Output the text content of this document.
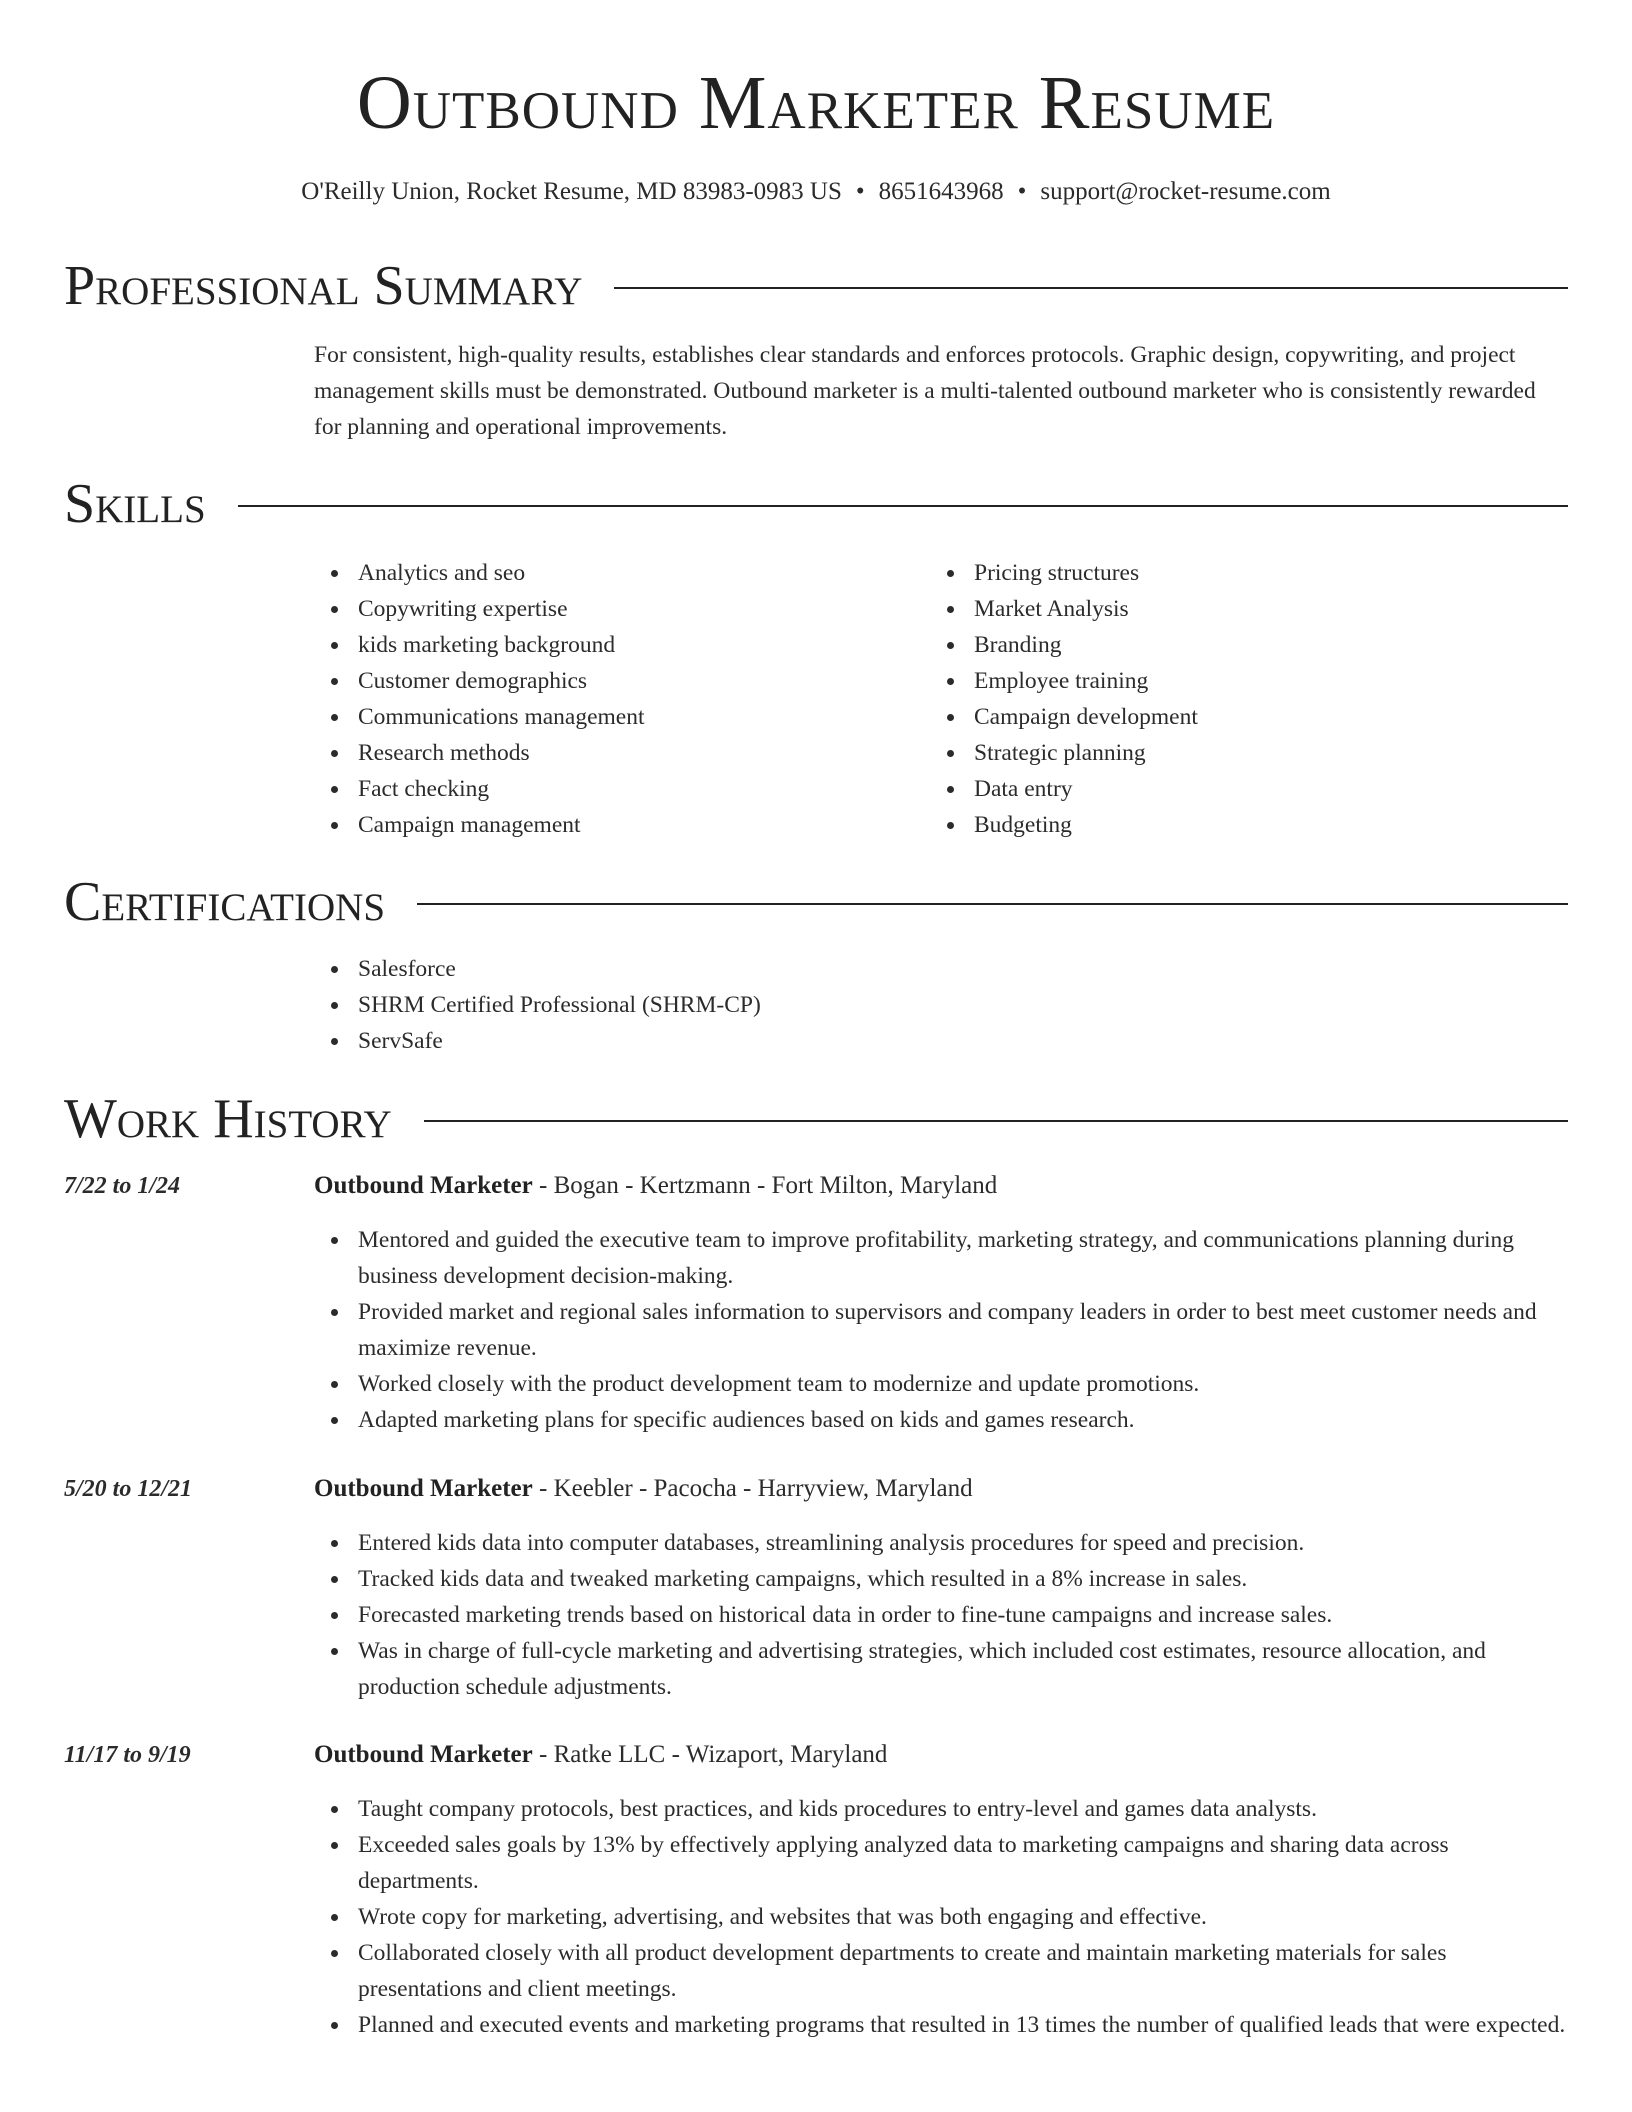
Outbound Marketer Resume
O'Reilly Union, Rocket Resume, MD 83983-0983 US • 8651643968 • support@rocket-resume.com
Professional Summary
For consistent, high-quality results, establishes clear standards and enforces protocols. Graphic design, copywriting, and project management skills must be demonstrated. Outbound marketer is a multi-talented outbound marketer who is consistently rewarded for planning and operational improvements.
Skills
Analytics and seo
Copywriting expertise
kids marketing background
Customer demographics
Communications management
Research methods
Fact checking
Campaign management
Pricing structures
Market Analysis
Branding
Employee training
Campaign development
Strategic planning
Data entry
Budgeting
Certifications
Salesforce
SHRM Certified Professional (SHRM-CP)
ServSafe
Work History
7/22 to 1/24	Outbound Marketer - Bogan - Kertzmann - Fort Milton, Maryland
Mentored and guided the executive team to improve profitability, marketing strategy, and communications planning during business development decision-making.
Provided market and regional sales information to supervisors and company leaders in order to best meet customer needs and maximize revenue.
Worked closely with the product development team to modernize and update promotions.
Adapted marketing plans for specific audiences based on kids and games research.
5/20 to 12/21	Outbound Marketer - Keebler - Pacocha - Harryview, Maryland
Entered kids data into computer databases, streamlining analysis procedures for speed and precision.
Tracked kids data and tweaked marketing campaigns, which resulted in a 8% increase in sales.
Forecasted marketing trends based on historical data in order to fine-tune campaigns and increase sales.
Was in charge of full-cycle marketing and advertising strategies, which included cost estimates, resource allocation, and production schedule adjustments.
11/17 to 9/19	Outbound Marketer - Ratke LLC - Wizaport, Maryland
Taught company protocols, best practices, and kids procedures to entry-level and games data analysts.
Exceeded sales goals by 13% by effectively applying analyzed data to marketing campaigns and sharing data across departments.
Wrote copy for marketing, advertising, and websites that was both engaging and effective.
Collaborated closely with all product development departments to create and maintain marketing materials for sales presentations and client meetings.
Planned and executed events and marketing programs that resulted in 13 times the number of qualified leads that were expected.
